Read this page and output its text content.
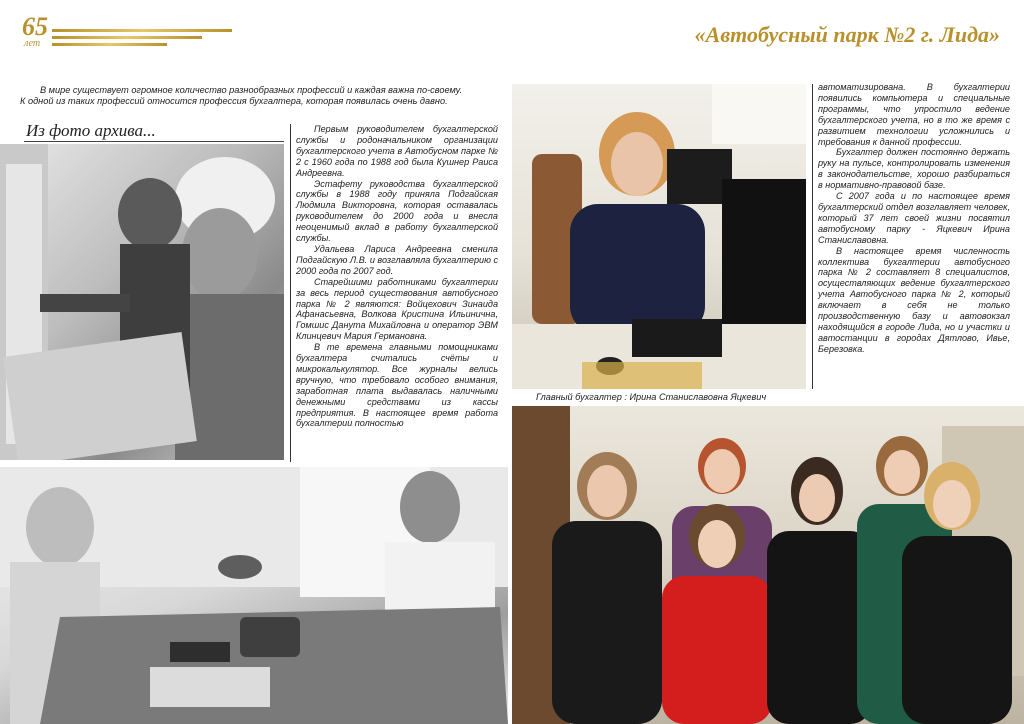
65
лет	«Автобусный парк №2 г. Лида»

В мире существует огромное количество разнообразных профессий и каждая важна по-своему.

К одной из таких профессий относится профессия бухгалтера, которая появилась очень давно.

Из фото архива...
Главный бухгалтер : Ирина Станиславовна Яцкевич

Первым руководителем бухгалтерской службы и родоначальником организации бухгалтерского учета в Автобусном парке № 2 с 1960 года по 1988 год была Кушнер Раиса Андреевна.

Эстафету руководства бухгалтерской службы в 1988 году приняла Подгайская Людмила Викторовна, которая оставалась руководителем до 2000 года и внесла неоценимый вклад в работу бухгалтерской службы.

Удальева Лариса Андреевна сменила Подгайскую Л.В. и возглавляла бухгалтерию с 2000 года по 2007 год.

Старейшими работниками бухгалтерии за весь период существования автобусного парка № 2 являются: Войцехович Зинаида Афанасьевна, Волкова Кристина Ильинична, Гомшис Данута Михайловна и оператор ЭВМ Клинцевич Мария Германовна.

В те времена главными помощниками бухгалтера считались счёты и микрокалькулятор. Все журналы велись вручную, что требовало особого внимания, заработная плата выдавалась наличными денежными средствами из кассы предприятия. В настоящее время работа бухгалтерии полностью

автоматизирована. В бухгалтерии появились компьютера и специальные программы, что упростило ведение бухгалтерского учета, но в то же время с развитием технологии усложнились и требования к данной профессии.

Бухгалтер должен постоянно держать руку на пульсе, контролировать изменения в законодательстве, хорошо разбираться в нормативно-правовой базе.

С 2007 года и по настоящее время бухгалтерский отдел возглавляет человек, который 37 лет своей жизни посвятил автобусному парку - Яцкевич Ирина Станиславовна.

В настоящее время численность коллектива бухгалтерии автобусного парка № 2 составляет 8 специалистов, осуществляющих ведение бухгалтерского учета Автобусного парка № 2, который включает в себя не только производственную базу и автовокзал находящийся в городе Лида, но и участки и автостанции в городах Дятлово, Ивье, Березовка.
